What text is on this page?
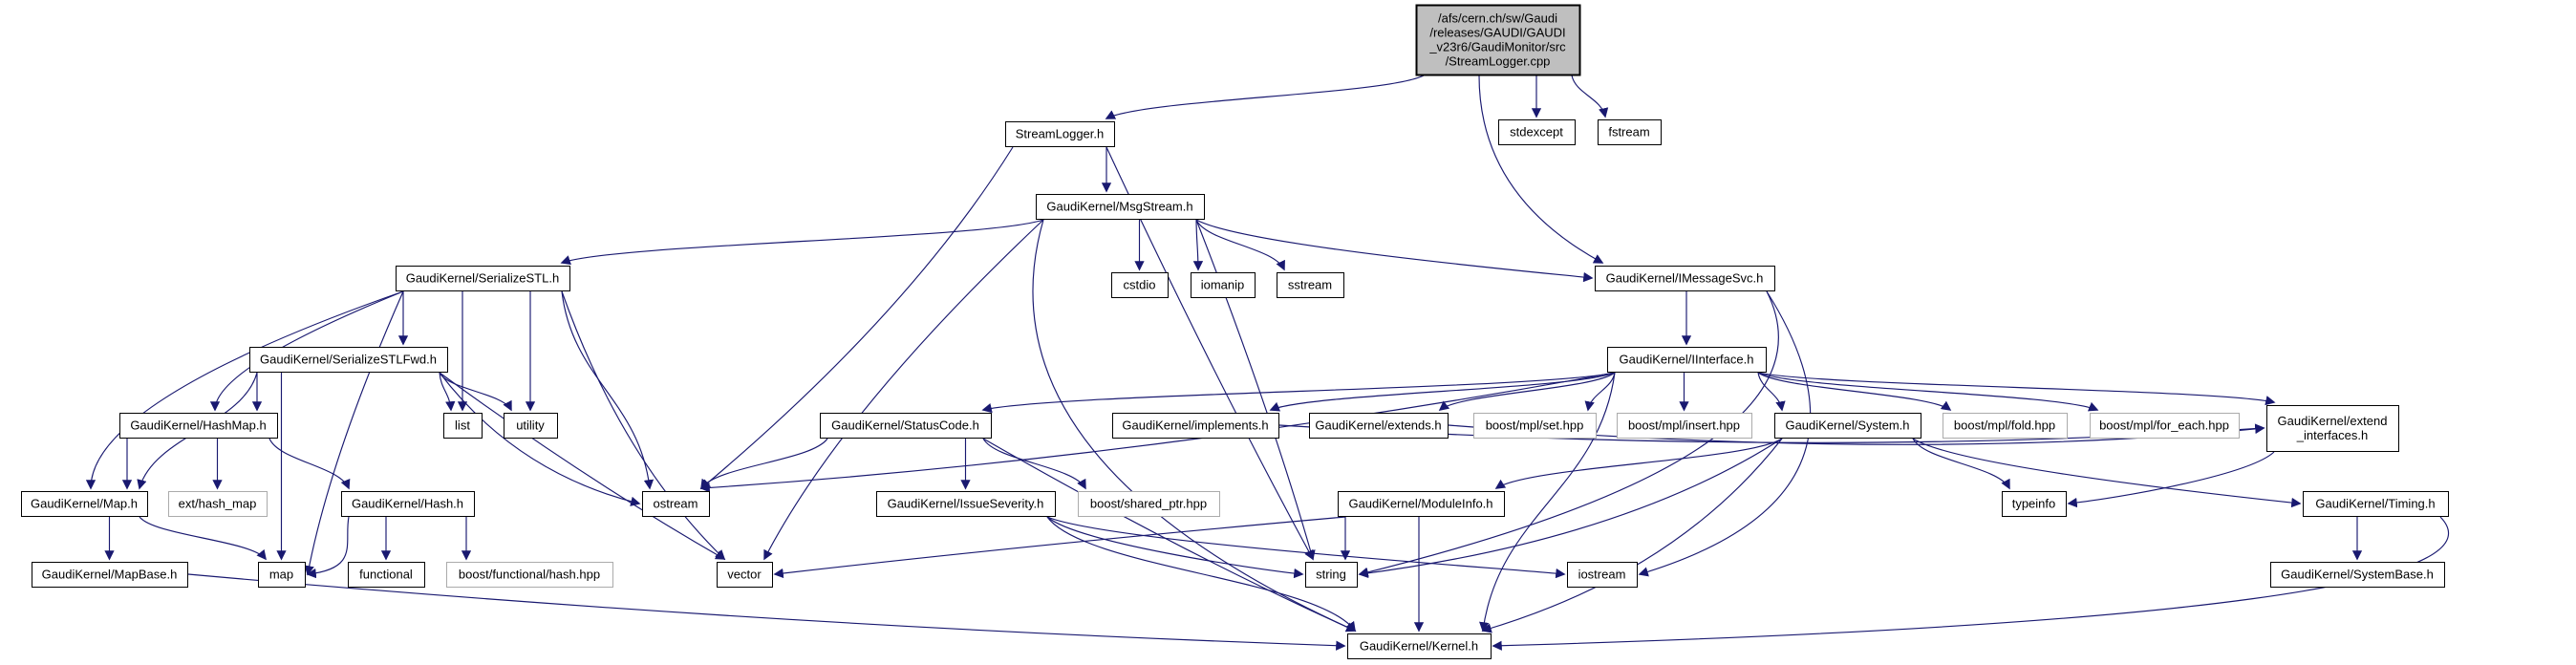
/afs/cern.ch/sw/Gaudi /releases/GAUDI/GAUDI _v23r6/GaudiMonitor/src /StreamLogger.cpp
StreamLogger.h	stdexcept	fstream
GaudiKernel/MsgStream.h
GaudiKernel/SerializeSTL.h	cstdio	iomanip	sstream	GaudiKernel/IMessageSvc.h
GaudiKernel/SerializeSTLFwd.h	GaudiKernel/IInterface.h
GaudiKernel/HashMap.h	list	utility	GaudiKernel/StatusCode.h	GaudiKernel/implements.h	GaudiKernel/extends.h	boost/mpl/set.hpp	boost/mpl/insert.hpp	GaudiKernel/System.h	boost/mpl/fold.hpp	boost/mpl/for_each.hpp	GaudiKernel/extend _interfaces.h
GaudiKernel/Map.h	ext/hash_map	GaudiKernel/Hash.h	ostream	GaudiKernel/IssueSeverity.h	boost/shared_ptr.hpp	GaudiKernel/ModuleInfo.h	typeinfo	GaudiKernel/Timing.h
GaudiKernel/MapBase.h	map	functional	boost/functional/hash.hpp	vector	string	iostream	GaudiKernel/SystemBase.h
GaudiKernel/Kernel.h
